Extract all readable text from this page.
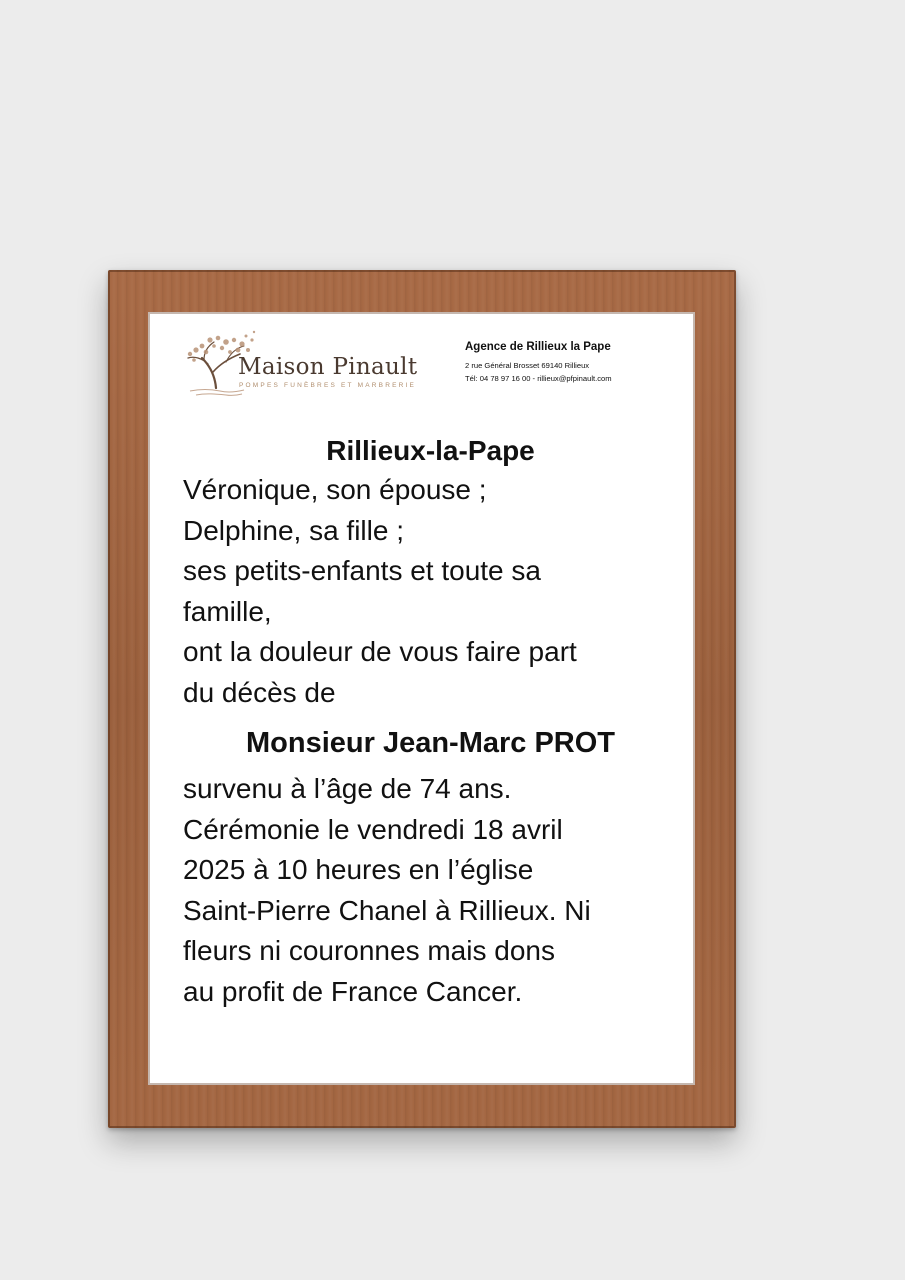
Maison Pinault
POMPES FUNÈBRES ET MARBRERIE
Agence de Rillieux la Pape
2 rue Général Brosset 69140 Rillieux
Tél: 04 78 97 16 00 - rillieux@pfpinault.com
Rillieux-la-Pape
Véronique, son épouse ;
Delphine, sa fille ;
ses petits-enfants et toute sa
famille,
ont la douleur de vous faire part
du décès de
Monsieur Jean-Marc PROT
survenu à l’âge de 74 ans.
Cérémonie le vendredi 18 avril
2025 à 10 heures en l’église
Saint-Pierre Chanel à Rillieux. Ni
fleurs ni couronnes mais dons
au profit de France Cancer.
